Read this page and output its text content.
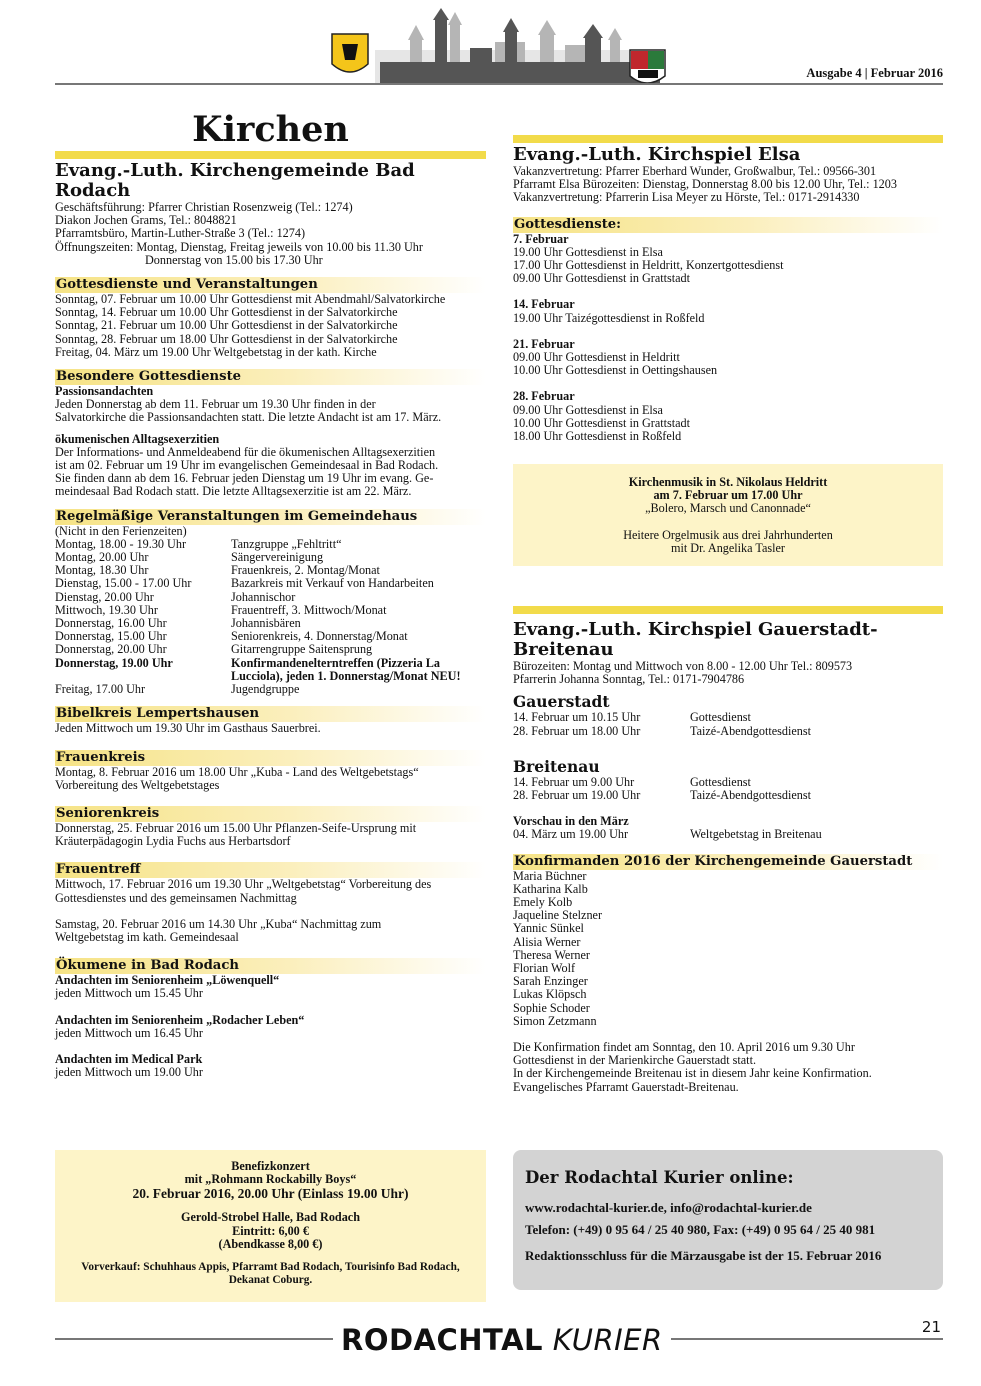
Ausgabe 4 | Februar 2016
Kirchen
Evang.-Luth. Kirchengemeinde Bad Rodach
Geschäftsführung: Pfarrer Christian Rosenzweig (Tel.: 1274)
Diakon Jochen Grams, Tel.: 8048821
Pfarramtsbüro, Martin-Luther-Straße 3 (Tel.: 1274)
Öffnungszeiten: Montag, Dienstag, Freitag jeweils von 10.00 bis 11.30 Uhr
Donnerstag von 15.00 bis 17.30 Uhr
Gottesdienste und Veranstaltungen
Sonntag, 07. Februar um 10.00 Uhr Gottesdienst mit Abendmahl/Salvatorkirche
Sonntag, 14. Februar um 10.00 Uhr Gottesdienst in der Salvatorkirche
Sonntag, 21. Februar um 10.00 Uhr Gottesdienst in der Salvatorkirche
Sonntag, 28. Februar um 18.00 Uhr Gottesdienst in der Salvatorkirche
Freitag, 04. März um 19.00 Uhr Weltgebetstag in der kath. Kirche
Besondere Gottesdienste
Passionsandachten
Jeden Donnerstag ab dem 11. Februar um 19.30 Uhr finden in der
Salvatorkirche die Passionsandachten statt. Die letzte Andacht ist am 17. März.
ökumenischen Alltagsexerzitien
Der Informations- und Anmeldeabend für die ökumenischen Alltagsexerzitien
ist am 02. Februar um 19 Uhr im evangelischen Gemeindesaal in Bad Rodach.
Sie finden dann ab dem 16. Februar jeden Dienstag um 19 Uhr im evang. Ge-
meindesaal Bad Rodach statt. Die letzte Alltagsexerzitie ist am 22. März.
Regelmäßige Veranstaltungen im Gemeindehaus
(Nicht in den Ferienzeiten)
Montag, 18.00 - 19.30 Uhr	Tanzgruppe „Fehltritt“
Montag, 20.00 Uhr	Sängervereinigung
Montag, 18.30 Uhr	Frauenkreis, 2. Montag/Monat
Dienstag, 15.00 - 17.00 Uhr	Bazarkreis mit Verkauf von Handarbeiten
Dienstag, 20.00 Uhr	Johannischor
Mittwoch, 19.30 Uhr	Frauentreff, 3. Mittwoch/Monat
Donnerstag, 16.00 Uhr	Johannisbären
Donnerstag, 15.00 Uhr	Seniorenkreis, 4. Donnerstag/Monat
Donnerstag, 20.00 Uhr	Gitarrengruppe Saitensprung
Donnerstag, 19.00 Uhr	Konfirmandenelterntreffen (Pizzeria La
Lucciola), jeden 1. Donnerstag/Monat NEU!
Freitag, 17.00 Uhr	Jugendgruppe
Bibelkreis Lempertshausen
Jeden Mittwoch um 19.30 Uhr im Gasthaus Sauerbrei.
Frauenkreis
Montag, 8. Februar 2016 um 18.00 Uhr „Kuba - Land des Weltgebetstags“
Vorbereitung des Weltgebetstages
Seniorenkreis
Donnerstag, 25. Februar 2016 um 15.00 Uhr Pflanzen-Seife-Ursprung mit
Kräuterpädagogin Lydia Fuchs aus Herbartsdorf
Frauentreff
Mittwoch, 17. Februar 2016 um 19.30 Uhr „Weltgebetstag“ Vorbereitung des
Gottesdienstes und des gemeinsamen Nachmittag
Samstag, 20. Februar 2016 um 14.30 Uhr „Kuba“ Nachmittag zum
Weltgebetstag im kath. Gemeindesaal
Ökumene in Bad Rodach
Andachten im Seniorenheim „Löwenquell“
jeden Mittwoch um 15.45 Uhr
Andachten im Seniorenheim „Rodacher Leben“
jeden Mittwoch um 16.45 Uhr
Andachten im Medical Park
jeden Mittwoch um 19.00 Uhr
Benefizkonzert
mit „Rohmann Rockabilly Boys“
20. Februar 2016, 20.00 Uhr (Einlass 19.00 Uhr)
Gerold-Strobel Halle, Bad Rodach
Eintritt: 6,00 €
(Abendkasse 8,00 €)
Vorverkauf: Schuhhaus Appis, Pfarramt Bad Rodach, Tourisinfo Bad Rodach,
Dekanat Coburg.
Evang.-Luth. Kirchspiel Elsa
Vakanzvertretung: Pfarrer Eberhard Wunder, Großwalbur, Tel.: 09566-301
Pfarramt Elsa Bürozeiten: Dienstag, Donnerstag 8.00 bis 12.00 Uhr, Tel.: 1203
Vakanzvertretung: Pfarrerin Lisa Meyer zu Hörste, Tel.: 0171-2914330
Gottesdienste:
7. Februar
19.00 Uhr Gottesdienst in Elsa
17.00 Uhr Gottesdienst in Heldritt, Konzertgottesdienst
09.00 Uhr Gottesdienst in Grattstadt
14. Februar
19.00 Uhr Taizégottesdienst in Roßfeld
21. Februar
09.00 Uhr Gottesdienst in Heldritt
10.00 Uhr Gottesdienst in Oettingshausen
28. Februar
09.00 Uhr Gottesdienst in Elsa
10.00 Uhr Gottesdienst in Grattstadt
18.00 Uhr Gottesdienst in Roßfeld
Kirchenmusik in St. Nikolaus Heldritt
am 7. Februar um 17.00 Uhr
„Bolero, Marsch und Canonnade“
Heitere Orgelmusik aus drei Jahrhunderten
mit Dr. Angelika Tasler
Evang.-Luth. Kirchspiel Gauerstadt-
Breitenau
Bürozeiten: Montag und Mittwoch von 8.00 - 12.00 Uhr Tel.: 809573
Pfarrerin Johanna Sonntag, Tel.: 0171-7904786
Gauerstadt
14. Februar um 10.15 Uhr	Gottesdienst
28. Februar um 18.00 Uhr	Taizé-Abendgottesdienst
Breitenau
14. Februar um 9.00 Uhr	Gottesdienst
28. Februar um 19.00 Uhr	Taizé-Abendgottesdienst
Vorschau in den März
04. März um 19.00 Uhr	Weltgebetstag in Breitenau
Konfirmanden 2016 der Kirchengemeinde Gauerstadt
Maria Büchner
Katharina Kalb
Emely Kolb
Jaqueline Stelzner
Yannic Sünkel
Alisia Werner
Theresa Werner
Florian Wolf
Sarah Enzinger
Lukas Klöpsch
Sophie Schoder
Simon Zetzmann
Die Konfirmation findet am Sonntag, den 10. April 2016 um 9.30 Uhr
Gottesdienst in der Marienkirche Gauerstadt statt.
In der Kirchengemeinde Breitenau ist in diesem Jahr keine Konfirmation.
Evangelisches Pfarramt Gauerstadt-Breitenau.
Der Rodachtal Kurier online:
www.rodachtal-kurier.de, info@rodachtal-kurier.de
Telefon: (+49) 0 95 64 / 25 40 980, Fax: (+49) 0 95 64 / 25 40 981
Redaktionsschluss für die Märzausgabe ist der 15. Februar 2016
RODACHTAL KURIER	21
